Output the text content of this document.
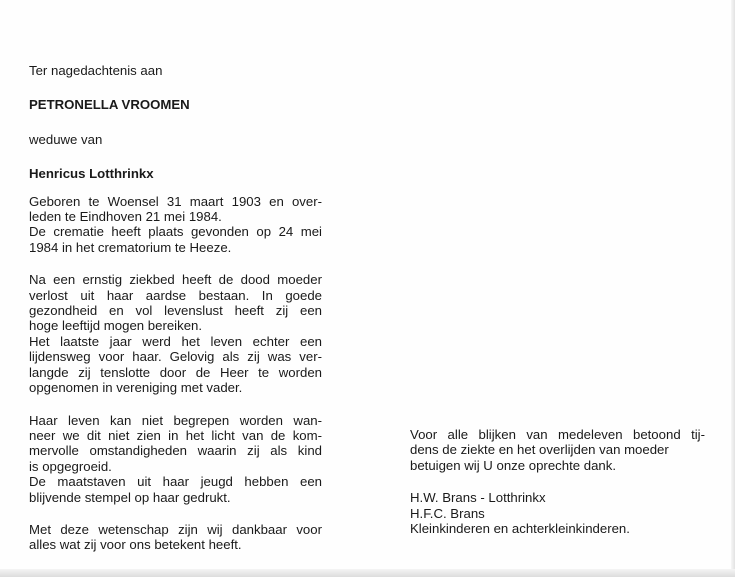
Ter nagedachtenis aan
PETRONELLA VROOMEN
weduwe van
Henricus Lotthrinkx
Geboren te Woensel 31 maart 1903 en over-
leden te Eindhoven 21 mei 1984.
De crematie heeft plaats gevonden op 24 mei
1984 in het crematorium te Heeze.
Na een ernstig ziekbed heeft de dood moeder
verlost uit haar aardse bestaan. In goede
gezondheid en vol levenslust heeft zij een
hoge leeftijd mogen bereiken.
Het laatste jaar werd het leven echter een
lijdensweg voor haar. Gelovig als zij was ver-
langde zij tenslotte door de Heer te worden
opgenomen in vereniging met vader.
Haar leven kan niet begrepen worden wan-
neer we dit niet zien in het licht van de kom-
mervolle omstandigheden waarin zij als kind
is opgegroeid.
De maatstaven uit haar jeugd hebben een
blijvende stempel op haar gedrukt.
Met deze wetenschap zijn wij dankbaar voor
alles wat zij voor ons betekent heeft.
Voor alle blijken van medeleven betoond tij-
dens de ziekte en het overlijden van moeder
betuigen wij U onze oprechte dank.
H.W. Brans - Lotthrinkx
H.F.C. Brans
Kleinkinderen en achterkleinkinderen.
